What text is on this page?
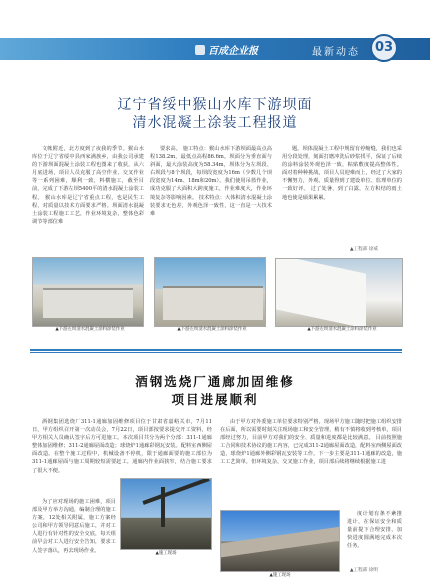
百成企业报	最新动态	03
辽宁省绥中猴山水库下游坝面
清水混凝土涂装工程报道

文帐附近，北方度到了夜我的季节。猴山水库位于辽宁省绥中县西家满族乡，由我公司承建的下游坝面混凝土涂装工程也图来了收获，从六月底进场，项目人员克服了高空作业、交叉作业等一系列困难，顺利一致，料横施工，截至目前，完成了下游左坝5400平的清水混凝土涂装工程。 猴山水库是辽宁省重点工程，也是民生工程，对质量以技术方面要求严格。坝面清水混凝土涂装工程施工工艺，作业环境复杂，整体色彩调节等部位难

要求高。 施工特点：猴山水库下游坝面最高点高程138.2m，最低点高程86.6m。坝面分为垂直面与斜面，最大涂装高度为58.34m，坝体分为左坝段、右坝段与8个坝段，每坝段宽度为16m（少数几个坝段宽度为14m、18m和20m）。我们使用吊篮作业，成功克服了大面积大跨度施工，作业难度大，作业环境复杂等影响因素。 技术特点：大体积清水混凝土涂装要求无色差，外观色泽一致性，这一直是一大技术难

题。坝体混凝土工程中规留有停缩缝，我们也采用分段处理，刻面打磨冲洗后砂浆找平，保证了后续的涂料涂装外观色泽一致，粘贴敷度提高整体性。 面对着种种挑战，项目人员迎难而上，经过了大家的不懈努力，外观、质量得到了建设单位、监理单位的一致好评。 过了处暑，到了白露，左方积结的雨土地也使是硕果累累。

▲工程部 徐威
▲下游左坝清水混凝土涂料涂装作业	▲下游左坝清水混凝土涂料涂装作业	▲下游左坝清水混凝土涂料涂装作业
酒钢选烧厂通廊加固维修
项目进展顺利

酒钢集团选烧厂311-1通廊加固维修项目位于甘肃省嘉峪关市，7月11日，甲方组织召开第一次动员会，7月22日，项目部按要求提交开工资料，经甲方相关人员确认签字后方可进施工。本次项目共分为两个分部：311-1通廊整体加固维修；311-2通廊屋面改造；球烧炉1通廊彩钢瓦安装。配料室西侧屋面改造。在整个施工过程中，机械设备不停机，限于通廊面要的施工部位为311-1通廊屋面与施工周期较短需要赶工，通廊内作业面狭窄，结合施工要求了很大不便。

为了应对现场的施工困难，项目部及甲方举方沟通，编制合理的施工方案，12处相关附属，施工方案经公司和甲方领导同意后施工，并对工人进行有针对性的安全交底，每天组前早会对工人进行安全告知，要求工人签字落认，再去现场作业。

由于甲方对外委施工单位要求特别严格，现场甲方施工随时把施工组织安排在后面，所以需要时刻关注现场施工和安全管理，稍有不慎将收到考核单，项目部经过努力，目前甲方对我们的安全、质量和进度都是比较满意。 目前按照施工合同和技术协议的施工内容，已完成311-2通廊屋面改造，配料室西侧屋面改造，球烧炉1通廊外侧彩钢瓦安装等工作。下一步主要是311-1通廊的改造，施工工艺简单，但环境复杂，交叉施工作业，项目部后续将继续根据施工进

度计划有条不紊推进计，在保证安全和质量前提下合理安排，加快进度圆满地完成本次任务。

▲工程部 徐明
▲施工现场
▲施工现场
